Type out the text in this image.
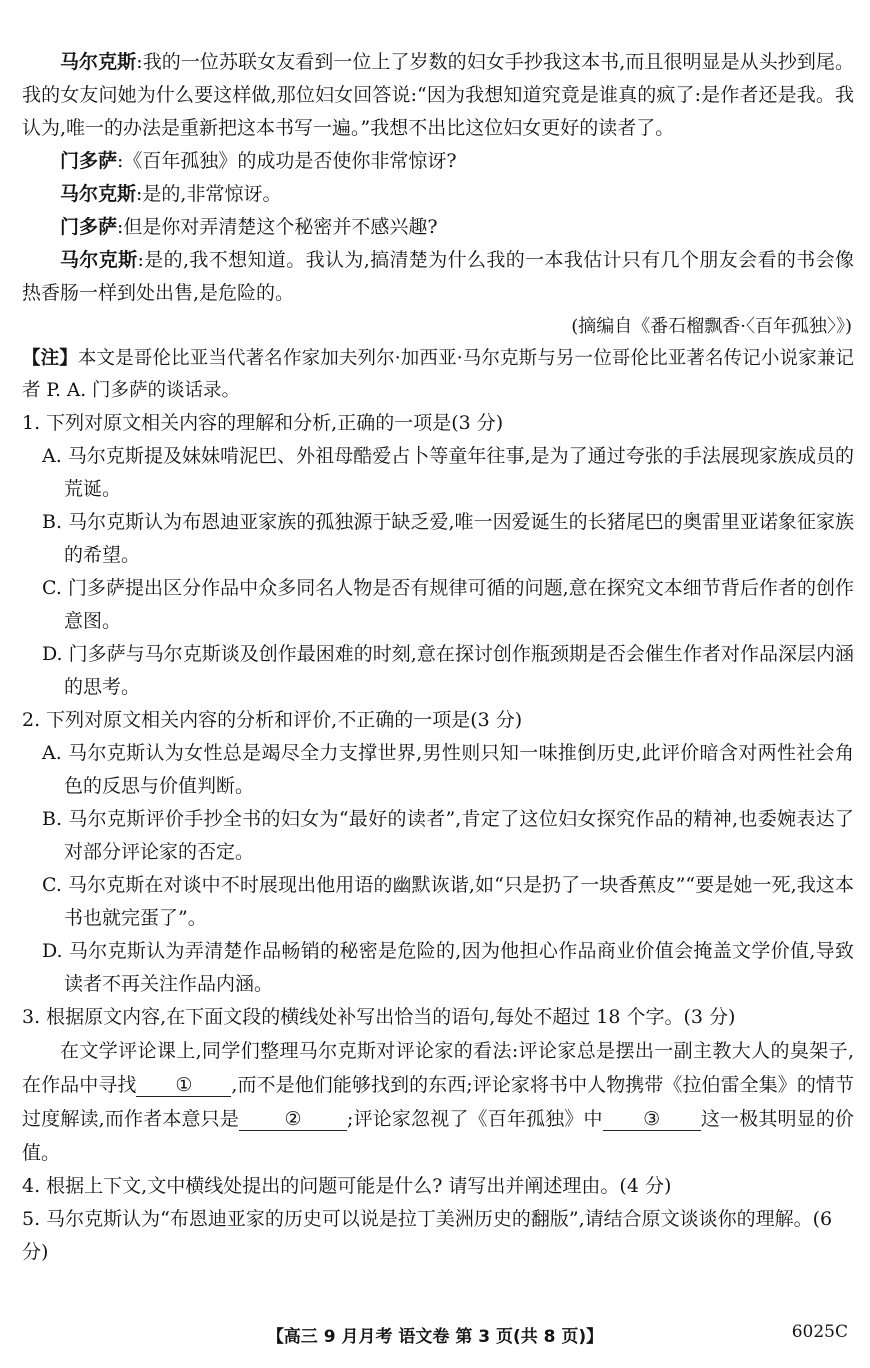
马尔克斯:我的一位苏联女友看到一位上了岁数的妇女手抄我这本书,而且很明显是从头抄到尾。我的女友问她为什么要这样做,那位妇女回答说:“因为我想知道究竟是谁真的疯了:是作者还是我。我认为,唯一的办法是重新把这本书写一遍。”我想不出比这位妇女更好的读者了。

门多萨:《百年孤独》的成功是否使你非常惊讶?

马尔克斯:是的,非常惊讶。

门多萨:但是你对弄清楚这个秘密并不感兴趣?

马尔克斯:是的,我不想知道。我认为,搞清楚为什么我的一本我估计只有几个朋友会看的书会像热香肠一样到处出售,是危险的。

(摘编自《番石榴飘香·〈百年孤独〉》)

【注】本文是哥伦比亚当代著名作家加夫列尔·加西亚·马尔克斯与另一位哥伦比亚著名传记小说家兼记者 P. A. 门多萨的谈话录。

1. 下列对原文相关内容的理解和分析,正确的一项是(3 分)

A. 马尔克斯提及妹妹啃泥巴、外祖母酷爱占卜等童年往事,是为了通过夸张的手法展现家族成员的荒诞。

B. 马尔克斯认为布恩迪亚家族的孤独源于缺乏爱,唯一因爱诞生的长猪尾巴的奥雷里亚诺象征家族的希望。

C. 门多萨提出区分作品中众多同名人物是否有规律可循的问题,意在探究文本细节背后作者的创作意图。

D. 门多萨与马尔克斯谈及创作最困难的时刻,意在探讨创作瓶颈期是否会催生作者对作品深层内涵的思考。

2. 下列对原文相关内容的分析和评价,不正确的一项是(3 分)

A. 马尔克斯认为女性总是竭尽全力支撑世界,男性则只知一味推倒历史,此评价暗含对两性社会角色的反思与价值判断。

B. 马尔克斯评价手抄全书的妇女为“最好的读者”,肯定了这位妇女探究作品的精神,也委婉表达了对部分评论家的否定。

C. 马尔克斯在对谈中不时展现出他用语的幽默诙谐,如“只是扔了一块香蕉皮”“要是她一死,我这本书也就完蛋了”。

D. 马尔克斯认为弄清楚作品畅销的秘密是危险的,因为他担心作品商业价值会掩盖文学价值,导致读者不再关注作品内涵。

3. 根据原文内容,在下面文段的横线处补写出恰当的语句,每处不超过 18 个字。(3 分)

在文学评论课上,同学们整理马尔克斯对评论家的看法:评论家总是摆出一副主教大人的臭架子,在作品中寻找 ① ,而不是他们能够找到的东西;评论家将书中人物携带《拉伯雷全集》的情节过度解读,而作者本意只是 ② ;评论家忽视了《百年孤独》中 ③ 这一极其明显的价值。

4. 根据上下文,文中横线处提出的问题可能是什么? 请写出并阐述理由。(4 分)

5. 马尔克斯认为“布恩迪亚家的历史可以说是拉丁美洲历史的翻版”,请结合原文谈谈你的理解。(6 分)

【高三 9 月月考 语文卷 第 3 页(共 8 页)】	6025C
